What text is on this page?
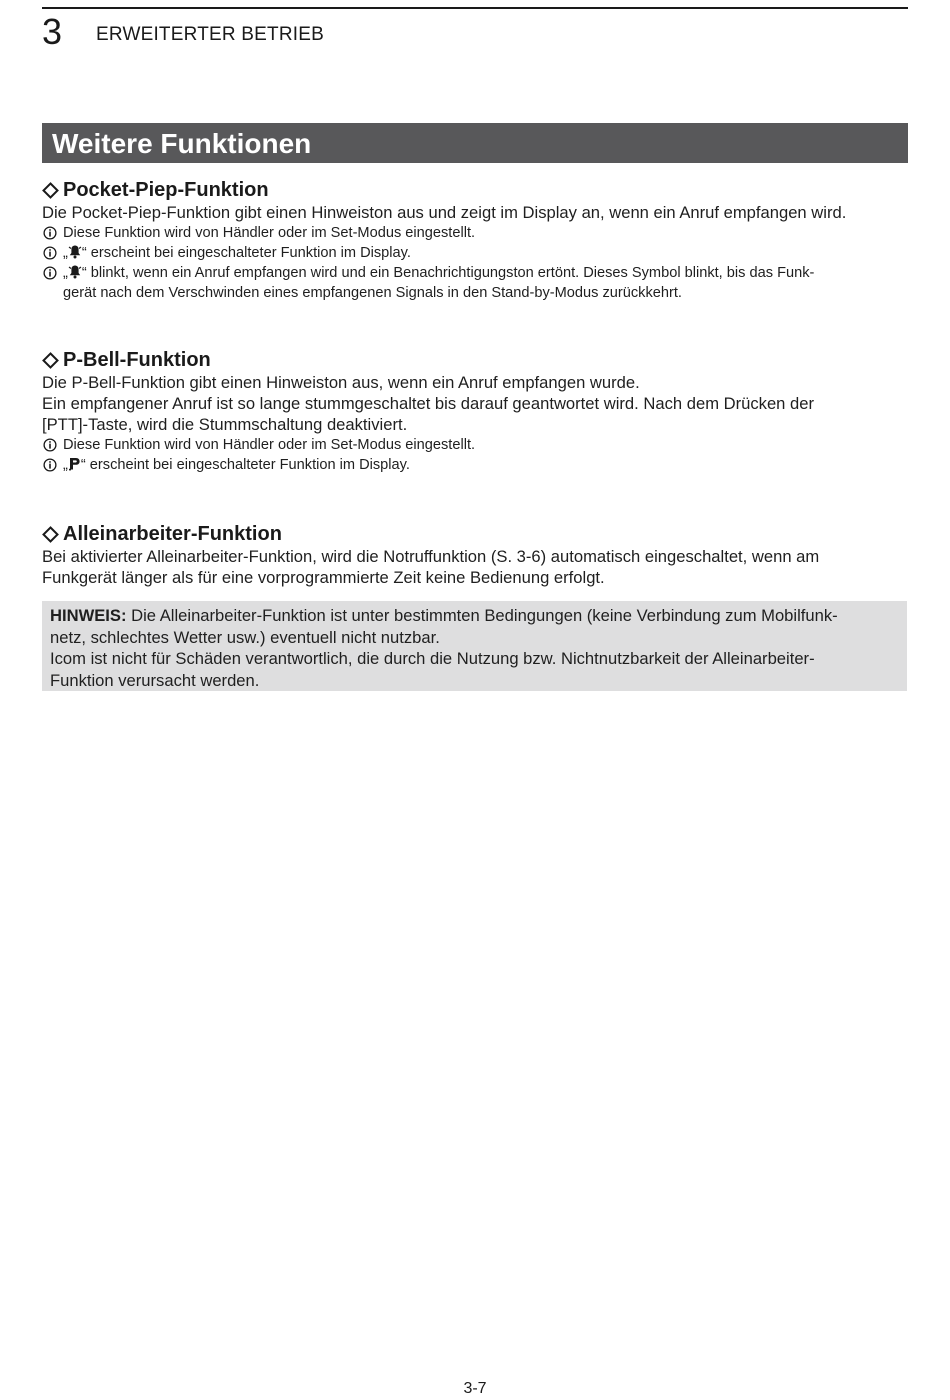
3 ERWEITERTER BETRIEB
Weitere Funktionen
Pocket-Piep-Funktion
Die Pocket-Piep-Funktion gibt einen Hinweiston aus und zeigt im Display an, wenn ein Anruf empfangen wird.
Diese Funktion wird von Händler oder im Set-Modus eingestellt.
„ “ erscheint bei eingeschalteter Funktion im Display.
„ “ blinkt, wenn ein Anruf empfangen wird und ein Benachrichtigungston ertönt. Dieses Symbol blinkt, bis das Funk-
gerät nach dem Verschwinden eines empfangenen Signals in den Stand-by-Modus zurückkehrt.
P-Bell-Funktion
Die P-Bell-Funktion gibt einen Hinweiston aus, wenn ein Anruf empfangen wurde.
Ein empfangener Anruf ist so lange stummgeschaltet bis darauf geantwortet wird. Nach dem Drücken der
[PTT]-Taste, wird die Stummschaltung deaktiviert.
Diese Funktion wird von Händler oder im Set-Modus eingestellt.
„ “ erscheint bei eingeschalteter Funktion im Display.
Alleinarbeiter-Funktion
Bei aktivierter Alleinarbeiter-Funktion, wird die Notruffunktion (S. 3-6) automatisch eingeschaltet, wenn am
Funkgerät länger als für eine vorprogrammierte Zeit keine Bedienung erfolgt.
HINWEIS: Die Alleinarbeiter-Funktion ist unter bestimmten Bedingungen (keine Verbindung zum Mobilfunk-
netz, schlechtes Wetter usw.) eventuell nicht nutzbar.
Icom ist nicht für Schäden verantwortlich, die durch die Nutzung bzw. Nichtnutzbarkeit der Alleinarbeiter-
Funktion verursacht werden.
3-7
